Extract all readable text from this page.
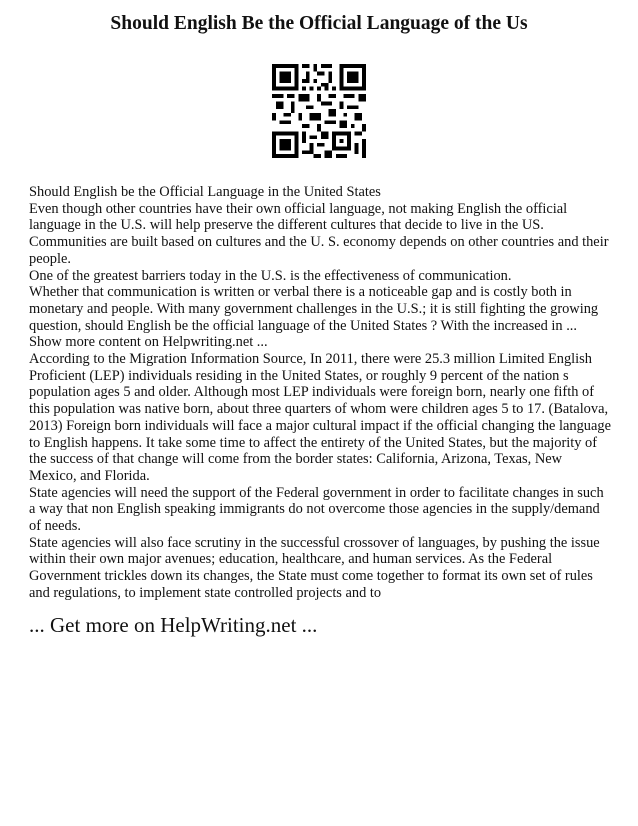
Should English Be the Official Language of the Us

Should English be the Official Language in the United States

Even though other countries have their own official language, not making English the official language in the U.S. will help preserve the different cultures that decide to live in the US. Communities are built based on cultures and the U. S. economy depends on other countries and their people.

One of the greatest barriers today in the U.S. is the effectiveness of communication.

Whether that communication is written or verbal there is a noticeable gap and is costly both in monetary and people. With many government challenges in the U.S.; it is still fighting the growing question, should English be the official language of the United States ? With the increased in ... Show more content on Helpwriting.net ...

According to the Migration Information Source, In 2011, there were 25.3 million Limited English Proficient (LEP) individuals residing in the United States, or roughly 9 percent of the nation s population ages 5 and older. Although most LEP individuals were foreign born, nearly one fifth of this population was native born, about three quarters of whom were children ages 5 to 17. (Batalova, 2013) Foreign born individuals will face a major cultural impact if the official changing the language to English happens. It take some time to affect the entirety of the United States, but the majority of the success of that change will come from the border states: California, Arizona, Texas, New Mexico, and Florida.

State agencies will need the support of the Federal government in order to facilitate changes in such a way that non English speaking immigrants do not overcome those agencies in the supply/demand of needs.

State agencies will also face scrutiny in the successful crossover of languages, by pushing the issue within their own major avenues; education, healthcare, and human services. As the Federal Government trickles down its changes, the State must come together to format its own set of rules and regulations, to implement state controlled projects and to

... Get more on HelpWriting.net ...
